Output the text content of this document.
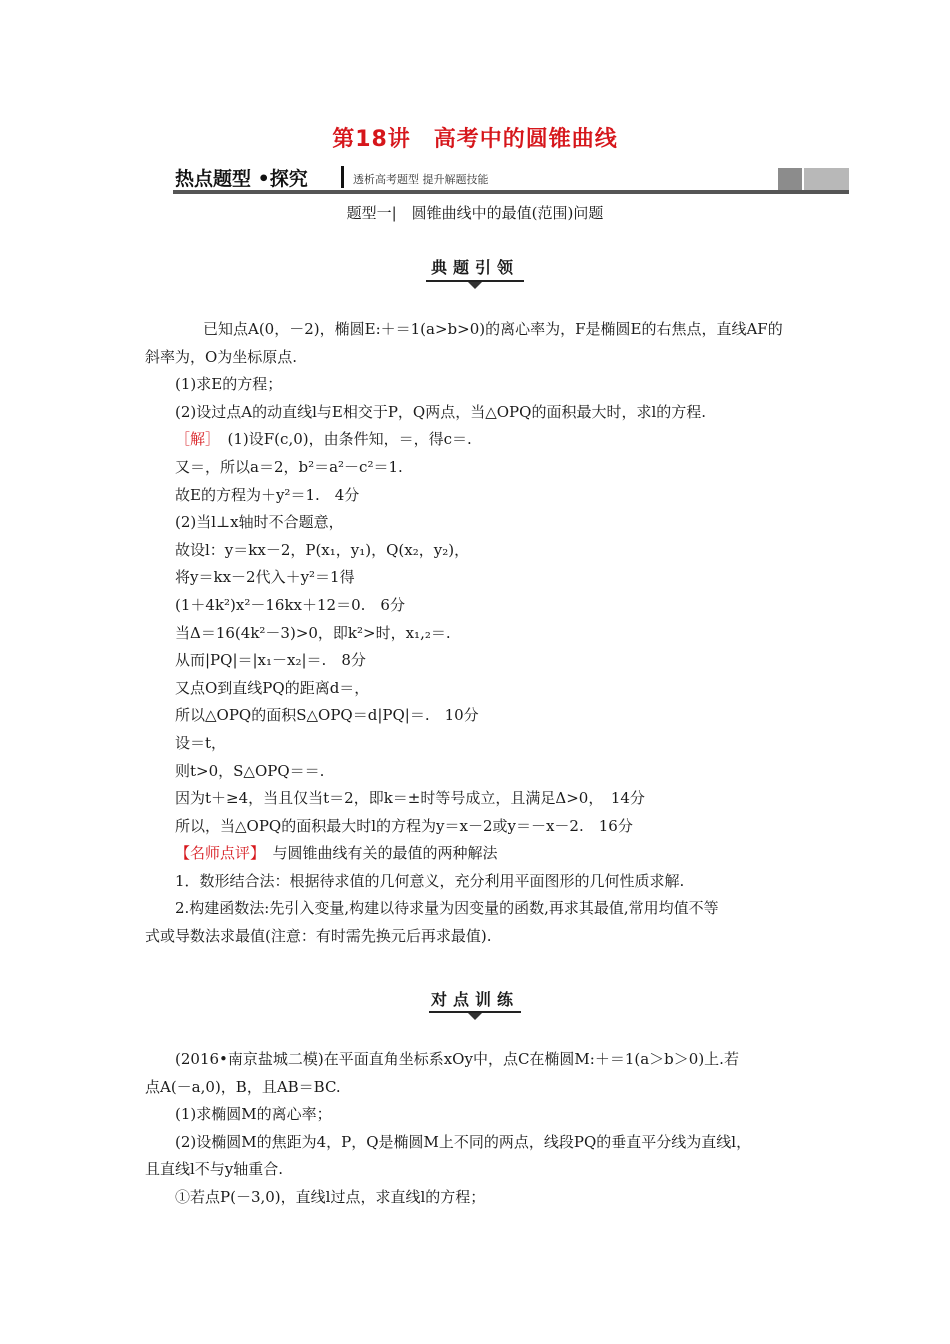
第18讲　高考中的圆锥曲线
热点题型 •探究	透析高考题型 提升解题技能
题型一|　圆锥曲线中的最值(范围)问题
典题引领

已知点A(0，－2)，椭圆E:＋＝1(a>b>0)的离心率为，F是椭圆E的右焦点，直线AF的

斜率为，O为坐标原点.

(1)求E的方程；

(2)设过点A的动直线l与E相交于P，Q两点，当△OPQ的面积最大时，求l的方程.

［解］　 (1)设F(c,0)，由条件知，＝，得c＝.

又＝，所以a＝2，b²＝a²－c²＝1.

故E的方程为＋y²＝1.　4分

(2)当l⊥x轴时不合题意，

故设l：y＝kx－2，P(x₁，y₁)，Q(x₂，y₂)，

将y＝kx－2代入＋y²＝1得

(1＋4k²)x²－16kx＋12＝0.　6分

当Δ＝16(4k²－3)>0，即k²>时，x₁,₂＝.

从而|PQ|＝|x₁－x₂|＝.　8分

又点O到直线PQ的距离d＝，

所以△OPQ的面积S△OPQ＝d|PQ|＝.　10分

设＝t，

则t>0，S△OPQ＝＝.

因为t＋≥4，当且仅当t＝2，即k＝±时等号成立，且满足Δ>0，　14分

所以，当△OPQ的面积最大时l的方程为y＝x－2或y＝－x－2.　16分

【名师点评】　 与圆锥曲线有关的最值的两种解法

1．数形结合法：根据待求值的几何意义，充分利用平面图形的几何性质求解.

2.构建函数法:先引入变量,构建以待求量为因变量的函数,再求其最值,常用均值不等

式或导数法求最值(注意：有时需先换元后再求最值).

对点训练

(2016•南京盐城二模)在平面直角坐标系xOy中，点C在椭圆M:＋＝1(a＞b＞0)上.若

点A(－a,0)，B，且AB＝BC.

(1)求椭圆M的离心率；

(2)设椭圆M的焦距为4，P，Q是椭圆M上不同的两点，线段PQ的垂直平分线为直线l，

且直线l不与y轴重合.

①若点P(－3,0)，直线l过点，求直线l的方程；
